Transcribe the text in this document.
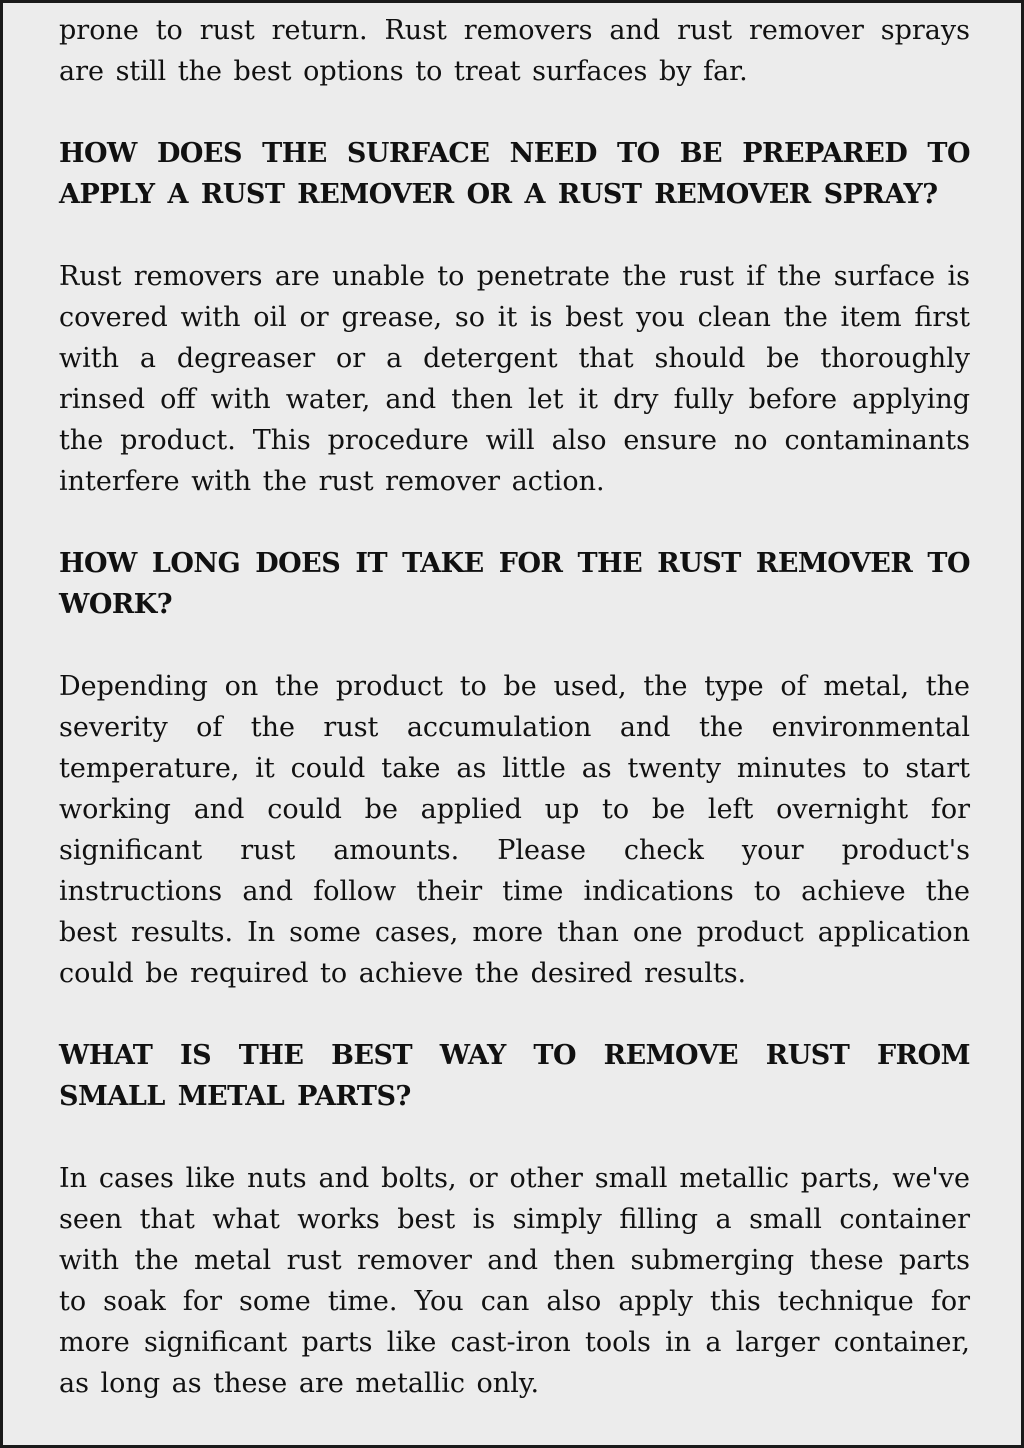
prone to rust return. Rust removers and rust remover sprays are still the best options to treat surfaces by far.

HOW DOES THE SURFACE NEED TO BE PREPARED TO APPLY A RUST REMOVER OR A RUST REMOVER SPRAY?

Rust removers are unable to penetrate the rust if the surface is covered with oil or grease, so it is best you clean the item first with a degreaser or a detergent that should be thoroughly rinsed off with water, and then let it dry fully before applying the product. This procedure will also ensure no contaminants interfere with the rust remover action.

HOW LONG DOES IT TAKE FOR THE RUST REMOVER TO WORK?

Depending on the product to be used, the type of metal, the severity of the rust accumulation and the environmental temperature, it could take as little as twenty minutes to start working and could be applied up to be left overnight for significant rust amounts. Please check your product's instructions and follow their time indications to achieve the best results. In some cases, more than one product application could be required to achieve the desired results.

WHAT IS THE BEST WAY TO REMOVE RUST FROM SMALL METAL PARTS?

In cases like nuts and bolts, or other small metallic parts, we've seen that what works best is simply filling a small container with the metal rust remover and then submerging these parts to soak for some time. You can also apply this technique for more significant parts like cast-iron tools in a larger container, as long as these are metallic only.
